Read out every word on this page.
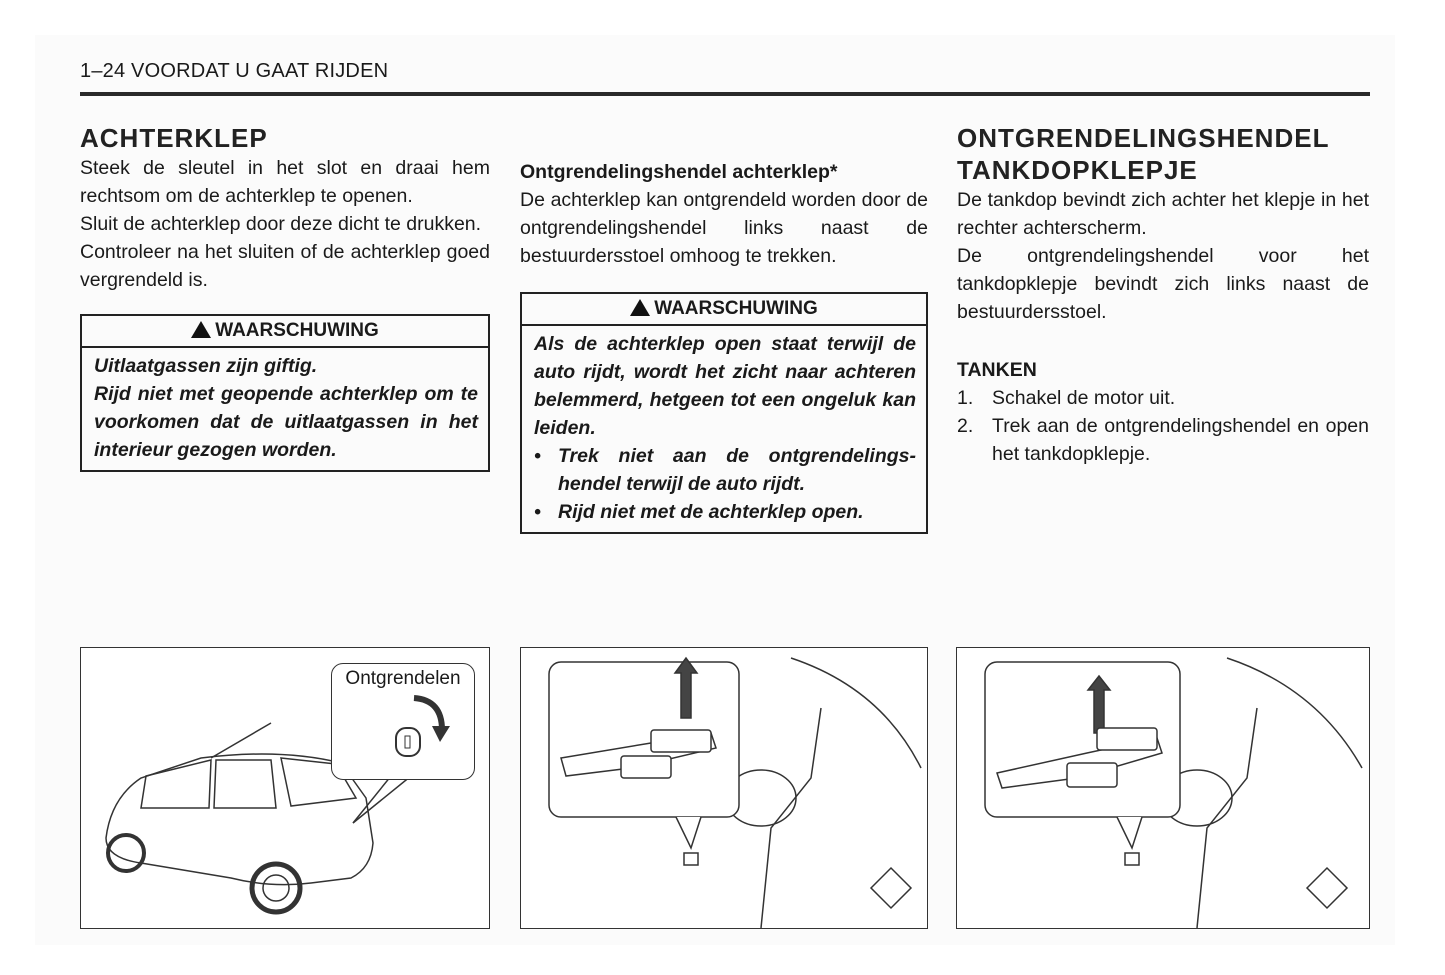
1–24 VOORDAT U GAAT RIJDEN
ACHTERKLEP

Steek de sleutel in het slot en draai hem rechtsom om de achterklep te openen.

Sluit de achterklep door deze dicht te drukken.

Controleer na het sluiten of de achterklep goed vergrendeld is.

WAARSCHUWING

Uitlaatgassen zijn giftig.

Rijd niet met geopende achterklep om te voorkomen dat de uitlaatgassen in het interieur gezogen worden.

Ontgrendelingshendel achterklep*

De achterklep kan ontgrendeld worden door de ontgrendelingshendel links naast de bestuurdersstoel omhoog te trekken.

WAARSCHUWING

Als de achterklep open staat terwijl de auto rijdt, wordt het zicht naar achteren belemmerd, hetgeen tot een ongeluk kan leiden.

• Trek niet aan de ontgrendelings-hendel terwijl de auto rijdt.
• Rijd niet met de achterklep open.
ONTGRENDELINGSHENDEL
TANKDOPKLEPJE

De tankdop bevindt zich achter het klepje in het rechter achterscherm.

De ontgrendelingshendel voor het tankdopklepje bevindt zich links naast de bestuurdersstoel.

TANKEN
1. Schakel de motor uit.
2. Trek aan de ontgrendelingshendel en open het tankdopklepje.
Ontgrendelen
